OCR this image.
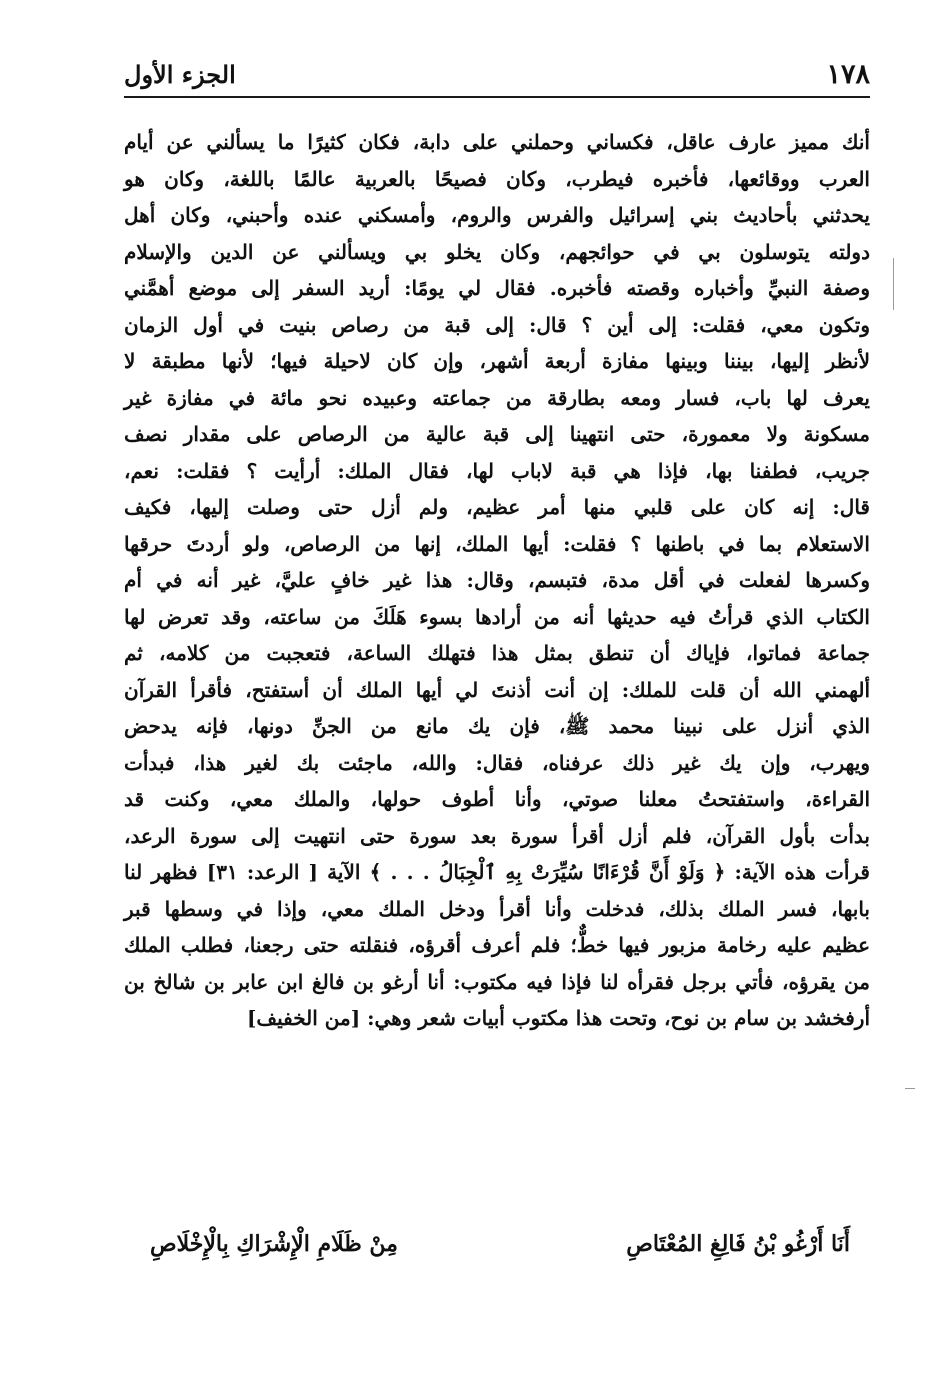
١٧٨
الجزء الأول
أنك مميز عارف عاقل، فكساني وحملني على دابة، فكان كثيرًا ما يسألني عن أيام
العرب ووقائعها، فأخبره فيطرب، وكان فصيحًا بالعربية عالمًا باللغة، وكان هو
يحدثني بأحاديث بني إسرائيل والفرس والروم، وأمسكني عنده وأحبني، وكان أهل
دولته يتوسلون بي في حوائجهم، وكان يخلو بي ويسألني عن الدين والإسلام
وصفة النبيِّ وأخباره وقصته فأخبره. فقال لي يومًا: أريد السفر إلى موضع أهمَّني
وتكون معي، فقلت: إلى أين ؟ قال: إلى قبة من رصاص بنيت في أول الزمان
لأنظر إليها، بيننا وبينها مفازة أربعة أشهر، وإن كان لاحيلة فيها؛ لأنها مطبقة لا
يعرف لها باب، فسار ومعه بطارقة من جماعته وعبيده نحو مائة في مفازة غير
مسكونة ولا معمورة، حتى انتهينا إلى قبة عالية من الرصاص على مقدار نصف
جريب، فطفنا بها، فإذا هي قبة لاباب لها، فقال الملك: أرأيت ؟ فقلت: نعم،
قال: إنه كان على قلبي منها أمر عظيم، ولم أزل حتى وصلت إليها، فكيف
الاستعلام بما في باطنها ؟ فقلت: أيها الملك، إنها من الرصاص، ولو أردتَ حرقها
وكسرها لفعلت في أقل مدة، فتبسم، وقال: هذا غير خافٍ عليَّ، غير أنه في أم
الكتاب الذي قرأتُ فيه حديثها أنه من أرادها بسوء هَلَكَ من ساعته، وقد تعرض لها
جماعة فماتوا، فإياك أن تنطق بمثل هذا فتهلك الساعة، فتعجبت من كلامه، ثم
ألهمني الله أن قلت للملك: إن أنت أذنتَ لي أيها الملك أن أستفتح، فأقرأ القرآن
الذي أنزل على نبينا محمد ﷺ، فإن يك مانع من الجنِّ دونها، فإنه يدحض
ويهرب، وإن يك غير ذلك عرفناه، فقال: والله، ماجئت بك لغير هذا، فبدأت
القراءة، واستفتحتُ معلنا صوتي، وأنا أطوف حولها، والملك معي، وكنت قد
بدأت بأول القرآن، فلم أزل أقرأ سورة بعد سورة حتى انتهيت إلى سورة الرعد،
قرأت هذه الآية: ﴿ وَلَوْ أَنَّ قُرْءَانًا سُيِّرَتْ بِهِ ٱلْجِبَالُ . . . ﴾ الآية [ الرعد: ٣١] فظهر لنا
بابها، فسر الملك بذلك، فدخلت وأنا أقرأ ودخل الملك معي، وإذا في وسطها قبر
عظيم عليه رخامة مزبور فيها خطٌّ؛ فلم أعرف أقرؤه، فنقلته حتى رجعنا، فطلب الملك
من يقرؤه، فأتي برجل فقرأه لنا فإذا فيه مكتوب: أنا أرغو بن فالغ ابن عابر بن شالخ بن
أرفخشد بن سام بن نوح، وتحت هذا مكتوب أبيات شعر وهي: [من الخفيف]
أَنَا أَرْغُو بْنُ فَالِغِ المُعْتَاصِ
مِنْ ظَلَامِ الْإِشْرَاكِ بِالْإِخْلَاصِ
